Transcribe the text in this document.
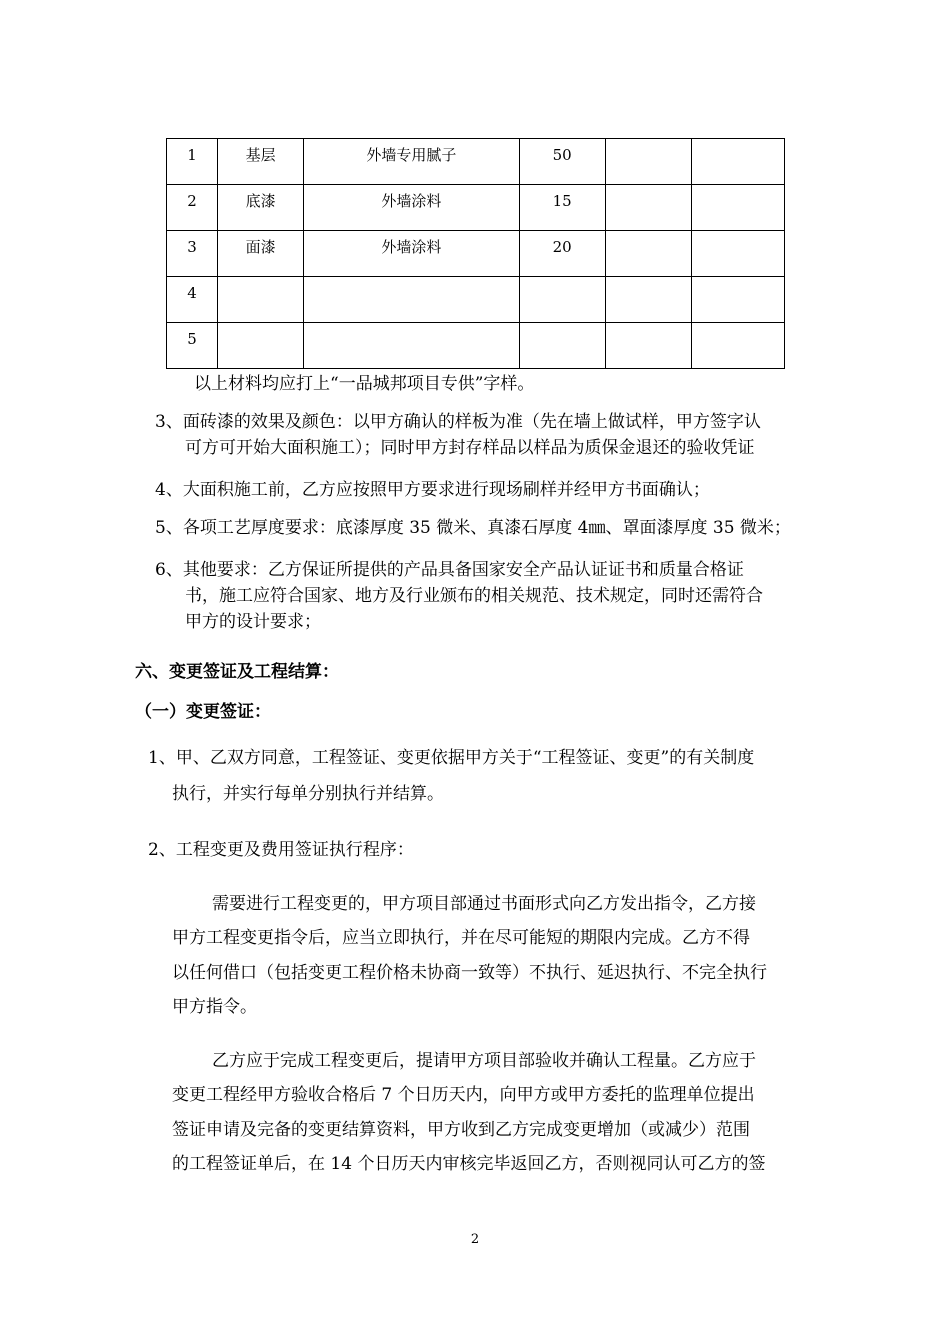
1	基层	外墙专用腻子	50		

2	底漆	外墙涂料	15		

3	面漆	外墙涂料	20		

4					

5					

以上材料均应打上“一品城邦项目专供”字样。
3、面砖漆的效果及颜色：以甲方确认的样板为准（先在墙上做试样，甲方签字认
可方可开始大面积施工）；同时甲方封存样品以样品为质保金退还的验收凭证
4、大面积施工前，乙方应按照甲方要求进行现场刷样并经甲方书面确认；
5、各项工艺厚度要求：底漆厚度 35 微米、真漆石厚度 4㎜、罩面漆厚度 35 微米；
6、其他要求：乙方保证所提供的产品具备国家安全产品认证证书和质量合格证
书，施工应符合国家、地方及行业颁布的相关规范、技术规定，同时还需符合
甲方的设计要求；
六、变更签证及工程结算：
（一）变更签证：
1、甲、乙双方同意，工程签证、变更依据甲方关于“工程签证、变更”的有关制度
执行，并实行每单分别执行并结算。
2、工程变更及费用签证执行程序：
需要进行工程变更的，甲方项目部通过书面形式向乙方发出指令，乙方接
甲方工程变更指令后，应当立即执行，并在尽可能短的期限内完成。乙方不得
以任何借口（包括变更工程价格未协商一致等）不执行、延迟执行、不完全执行
甲方指令。
乙方应于完成工程变更后，提请甲方项目部验收并确认工程量。乙方应于
变更工程经甲方验收合格后 7 个日历天内，向甲方或甲方委托的监理单位提出
签证申请及完备的变更结算资料，甲方收到乙方完成变更增加（或减少）范围
的工程签证单后，在 14 个日历天内审核完毕返回乙方，否则视同认可乙方的签
2
